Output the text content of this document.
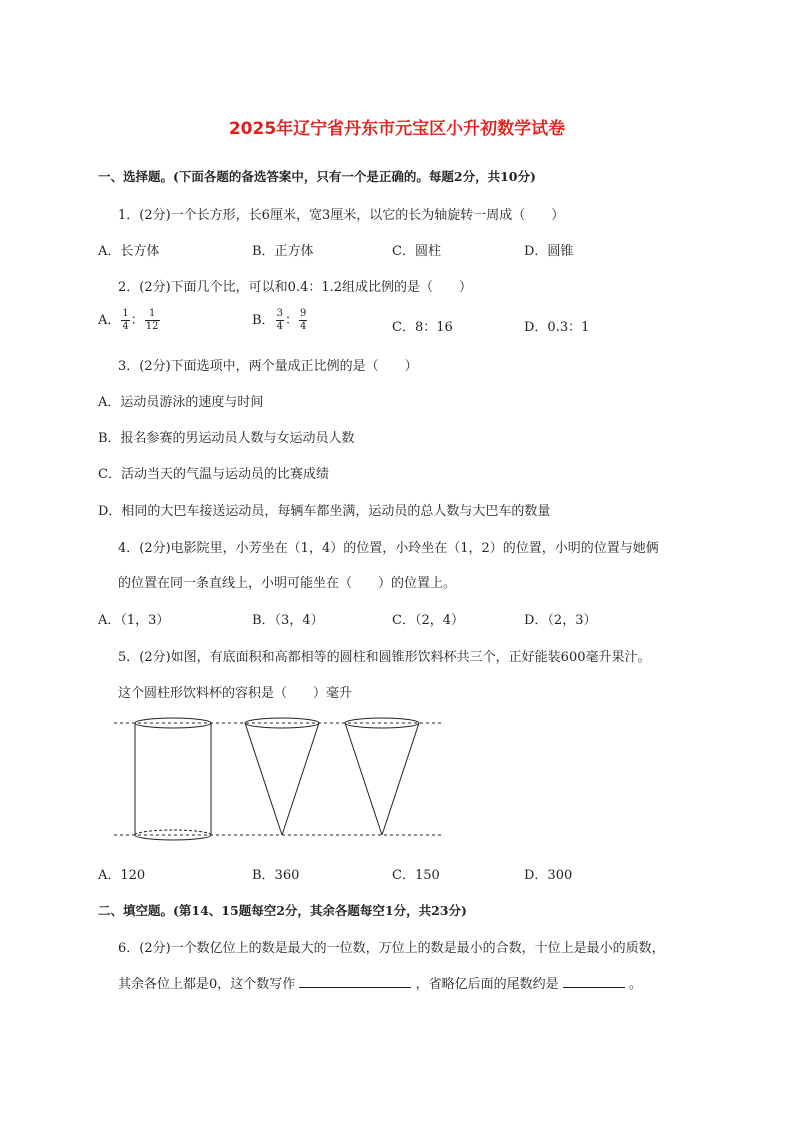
2025年辽宁省丹东市元宝区小升初数学试卷
一、选择题。(下面各题的备选答案中，只有一个是正确的。每题2分，共10分)
1．(2分)一个长方形，长6厘米，宽3厘米，以它的长为轴旋转一周成（　　）
A．长方体	B．正方体	C．圆柱	D．圆锥
2．(2分)下面几个比，可以和0.4：1.2组成比例的是（　　）
A． $\frac{1}{4}$ ： $\frac{1}{12}$	B． $\frac{3}{4}$ ： $\frac{9}{4}$	C．8：16	D．0.3：1
3．(2分)下面选项中，两个量成正比例的是（　　）
A．运动员游泳的速度与时间
B．报名参赛的男运动员人数与女运动员人数
C．活动当天的气温与运动员的比赛成绩
D．相同的大巴车接送运动员，每辆车都坐满，运动员的总人数与大巴车的数量
4．(2分)电影院里，小芳坐在（1，4）的位置，小玲坐在（1，2）的位置，小明的位置与她俩
的位置在同一条直线上，小明可能坐在（　　）的位置上。
A．（1，3）	B．（3，4）	C．（2，4）	D．（2，3）
5．(2分)如图，有底面积和高都相等的圆柱和圆锥形饮料杯共三个，正好能装600毫升果汁。
这个圆柱形饮料杯的容积是（　　）毫升
A．120	B．360	C．150	D．300
二、填空题。(第14、15题每空2分，其余各题每空1分，共23分)
6．(2分)一个数亿位上的数是最大的一位数，万位上的数是最小的合数，十位上是最小的质数，
其余各位上都是0，这个数写作	，省略亿后面的尾数约是	。
